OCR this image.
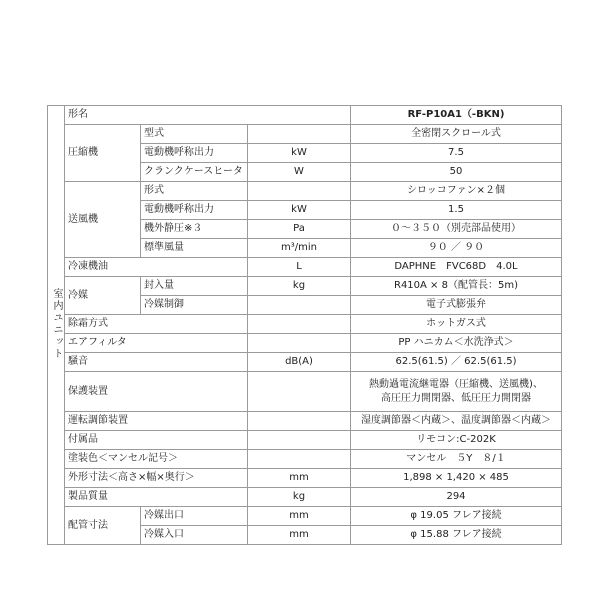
室内ユニット	形名			RF-P10A1（-BKN)
	圧縮機	型式		全密閉スクロール式
		電動機呼称出力	kW	7.5
		クランクケースヒータ	W	50
	送風機	形式		シロッコファン×２個
		電動機呼称出力	kW	1.5
		機外静圧※３	Pa	０～３５０（別売部品使用）
		標準風量	m³/min	９０ ／ ９０
	冷凍機油		L	DAPHNE　FVC68D　4.0L
	冷媒	封入量	kg	R410A × 8（配管長：5m)
		冷媒制御		電子式膨張弁
	除霜方式			ホットガス式
	エアフィルタ			PP ハニカム＜水洗浄式＞
	騒音		dB(A)	62.5(61.5) ／ 62.5(61.5)
	保護装置			熱動過電流継電器（圧縮機、送風機)、
高圧圧力開閉器、低圧圧力開閉器
	運転調節装置			湿度調節器＜内蔵＞、温度調節器＜内蔵＞
	付属品			リモコン:C-202K
	塗装色＜マンセル記号＞			マンセル　５Y　８/１
	外形寸法＜高さ×幅×奥行＞		mm	1,898 × 1,420 × 485
	製品質量		kg	294
	配管寸法	冷媒出口	mm	φ 19.05 フレア接続
		冷媒入口	mm	φ 15.88 フレア接続
